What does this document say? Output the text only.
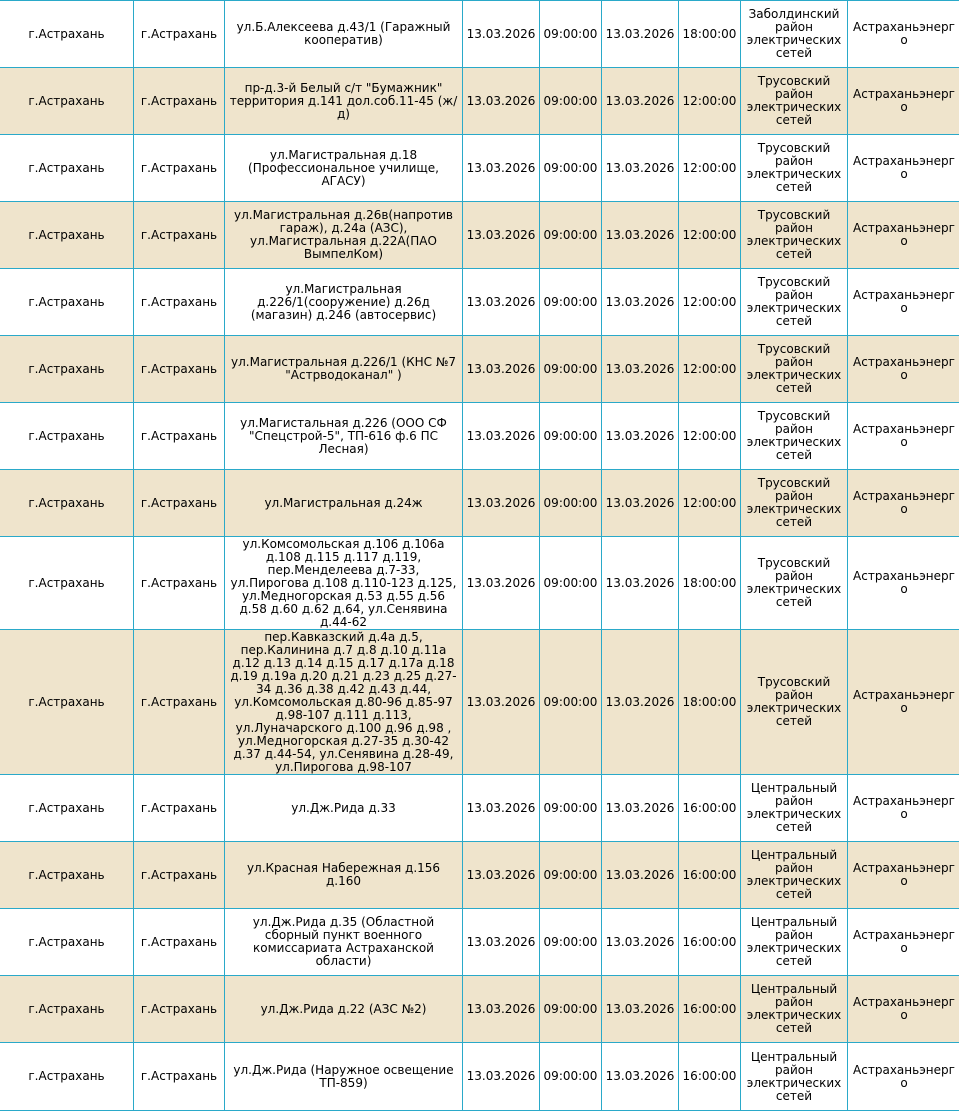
г.Астрахань	г.Астрахань	ул.Б.Алексеева д.43/1 (Гаражный кооператив)	13.03.2026	09:00:00	13.03.2026	18:00:00	Заболдинский район электрических сетей	Астраханьэнерго
г.Астрахань	г.Астрахань	пр-д.3-й Белый с/т "Бумажник" территория д.141 дол.соб.11-45 (ж/д)	13.03.2026	09:00:00	13.03.2026	12:00:00	Трусовский район электрических сетей	Астраханьэнерго
г.Астрахань	г.Астрахань	ул.Магистральная д.18 (Профессиональное училище, АГАСУ)	13.03.2026	09:00:00	13.03.2026	12:00:00	Трусовский район электрических сетей	Астраханьэнерго
г.Астрахань	г.Астрахань	ул.Магистральная д.26в(напротив гараж), д.24а (АЗС), ул.Магистральная д.22А(ПАО ВымпелКом)	13.03.2026	09:00:00	13.03.2026	12:00:00	Трусовский район электрических сетей	Астраханьэнерго
г.Астрахань	г.Астрахань	ул.Магистральная д.226/1(сооружение) д.26д (магазин) д.246 (автосервис)	13.03.2026	09:00:00	13.03.2026	12:00:00	Трусовский район электрических сетей	Астраханьэнерго
г.Астрахань	г.Астрахань	ул.Магистральная д.226/1 (КНС №7 "Астрводоканал" )	13.03.2026	09:00:00	13.03.2026	12:00:00	Трусовский район электрических сетей	Астраханьэнерго
г.Астрахань	г.Астрахань	ул.Магистальная д.226 (ООО СФ "Спецстрой-5", ТП-616 ф.6 ПС Лесная)	13.03.2026	09:00:00	13.03.2026	12:00:00	Трусовский район электрических сетей	Астраханьэнерго
г.Астрахань	г.Астрахань	ул.Магистральная д.24ж	13.03.2026	09:00:00	13.03.2026	12:00:00	Трусовский район электрических сетей	Астраханьэнерго
г.Астрахань	г.Астрахань	ул.Комсомольская д.106 д.106а д.108 д.115 д.117 д.119, пер.Менделеева д.7-33, ул.Пирогова д.108 д.110-123 д.125, ул.Медногорская д.53 д.55 д.56 д.58 д.60 д.62 д.64, ул.Сенявина д.44-62	13.03.2026	09:00:00	13.03.2026	18:00:00	Трусовский район электрических сетей	Астраханьэнерго
г.Астрахань	г.Астрахань	пер.Кавказский д.4а д.5, пер.Калинина д.7 д.8 д.10 д.11а д.12 д.13 д.14 д.15 д.17 д.17а д.18 д.19 д.19а д.20 д.21 д.23 д.25 д.27-34 д.36 д.38 д.42 д.43 д.44, ул.Комсомольская д.80-96 д.85-97 д.98-107 д.111 д.113, ул.Луначарского д.100 д.96 д.98 , ул.Медногорская д.27-35 д.30-42 д.37 д.44-54, ул.Сенявина д.28-49, ул.Пирогова д.98-107	13.03.2026	09:00:00	13.03.2026	18:00:00	Трусовский район электрических сетей	Астраханьэнерго
г.Астрахань	г.Астрахань	ул.Дж.Рида д.33	13.03.2026	09:00:00	13.03.2026	16:00:00	Центральный район электрических сетей	Астраханьэнерго
г.Астрахань	г.Астрахань	ул.Красная Набережная д.156 д.160	13.03.2026	09:00:00	13.03.2026	16:00:00	Центральный район электрических сетей	Астраханьэнерго
г.Астрахань	г.Астрахань	ул.Дж.Рида д.35 (Областной сборный пункт военного комиссариата Астраханской области)	13.03.2026	09:00:00	13.03.2026	16:00:00	Центральный район электрических сетей	Астраханьэнерго
г.Астрахань	г.Астрахань	ул.Дж.Рида д.22 (АЗС №2)	13.03.2026	09:00:00	13.03.2026	16:00:00	Центральный район электрических сетей	Астраханьэнерго
г.Астрахань	г.Астрахань	ул.Дж.Рида (Наружное освещение ТП-859)	13.03.2026	09:00:00	13.03.2026	16:00:00	Центральный район электрических сетей	Астраханьэнерго
